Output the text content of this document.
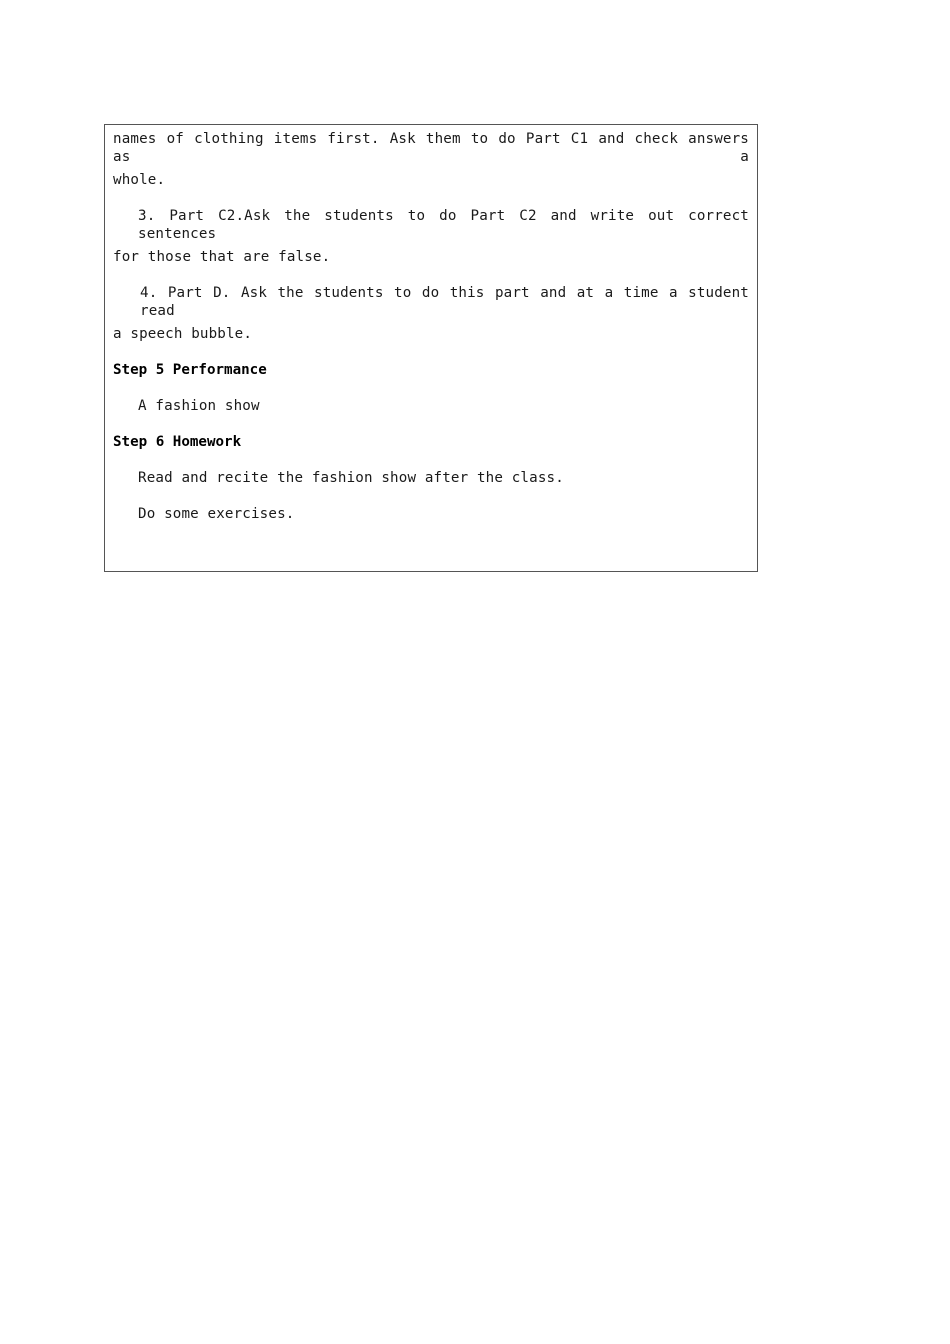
names of clothing items first. Ask them to do Part C1 and check answers as a
whole.
3. Part C2.Ask the students to do Part C2 and write out correct sentences
for those that are false.
4. Part D. Ask the students to do this part and at a time a student read
a speech bubble.
Step 5 Performance
A fashion show
Step 6 Homework
Read and recite the fashion show after the class.
Do some exercises.
